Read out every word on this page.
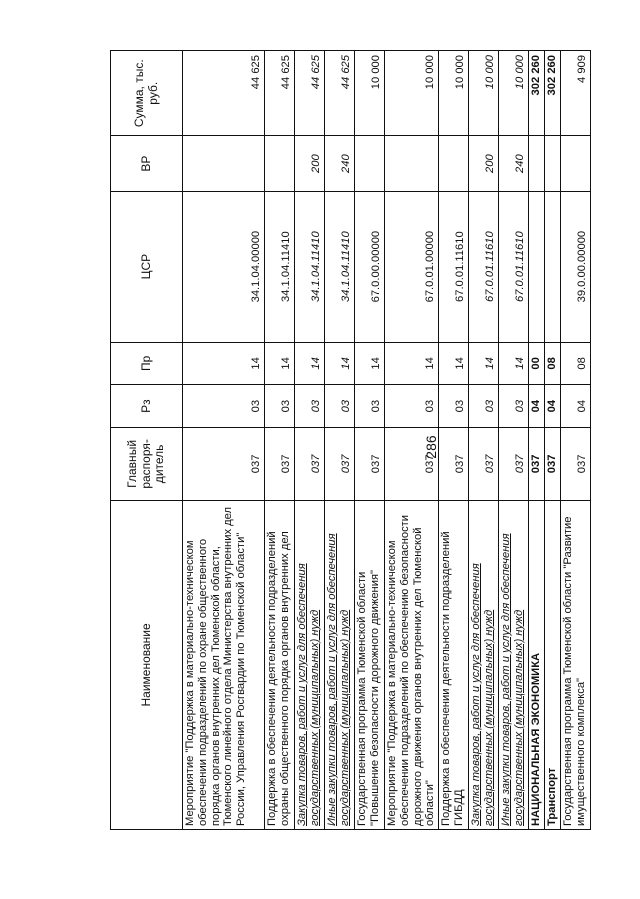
286
Наименование	Главный распоря-дитель	Рз	Пр	ЦСР	ВР	Сумма, тыс. руб.
Мероприятие "Поддержка в материально-техническом обеспечении подразделений по охране общественного порядка органов внутренних дел Тюменской области, Тюменского линейного отдела Министерства внутренних дел России, Управления Росгвардии по Тюменской области"	037	03	14	34.1.04.00000		44 625
Поддержка в обеспечении деятельности подразделений охраны общественного порядка органов внутренних дел	037	03	14	34.1.04.11410		44 625
Закупка товаров, работ и услуг для обеспечения государственных (муниципальных) нужд	037	03	14	34.1.04.11410	200	44 625
Иные закупки товаров, работ и услуг для обеспечения государственных (муниципальных) нужд	037	03	14	34.1.04.11410	240	44 625
Государственная программа Тюменской области "Повышение безопасности дорожного движения"	037	03	14	67.0.00.00000		10 000
Мероприятие "Поддержка в материально-техническом обеспечении подразделений по обеспечению безопасности дорожного движения органов внутренних дел Тюменской области"	037	03	14	67.0.01.00000		10 000
Поддержка в обеспечении деятельности подразделений ГИБДД	037	03	14	67.0.01.11610		10 000
Закупка товаров, работ и услуг для обеспечения государственных (муниципальных) нужд	037	03	14	67.0.01.11610	200	10 000
Иные закупки товаров, работ и услуг для обеспечения государственных (муниципальных) нужд	037	03	14	67.0.01.11610	240	10 000
НАЦИОНАЛЬНАЯ ЭКОНОМИКА	037	04	00			302 260
Транспорт	037	04	08			302 260
Государственная программа Тюменской области "Развитие имущественного комплекса"	037	04	08	39.0.00.00000		4 909
